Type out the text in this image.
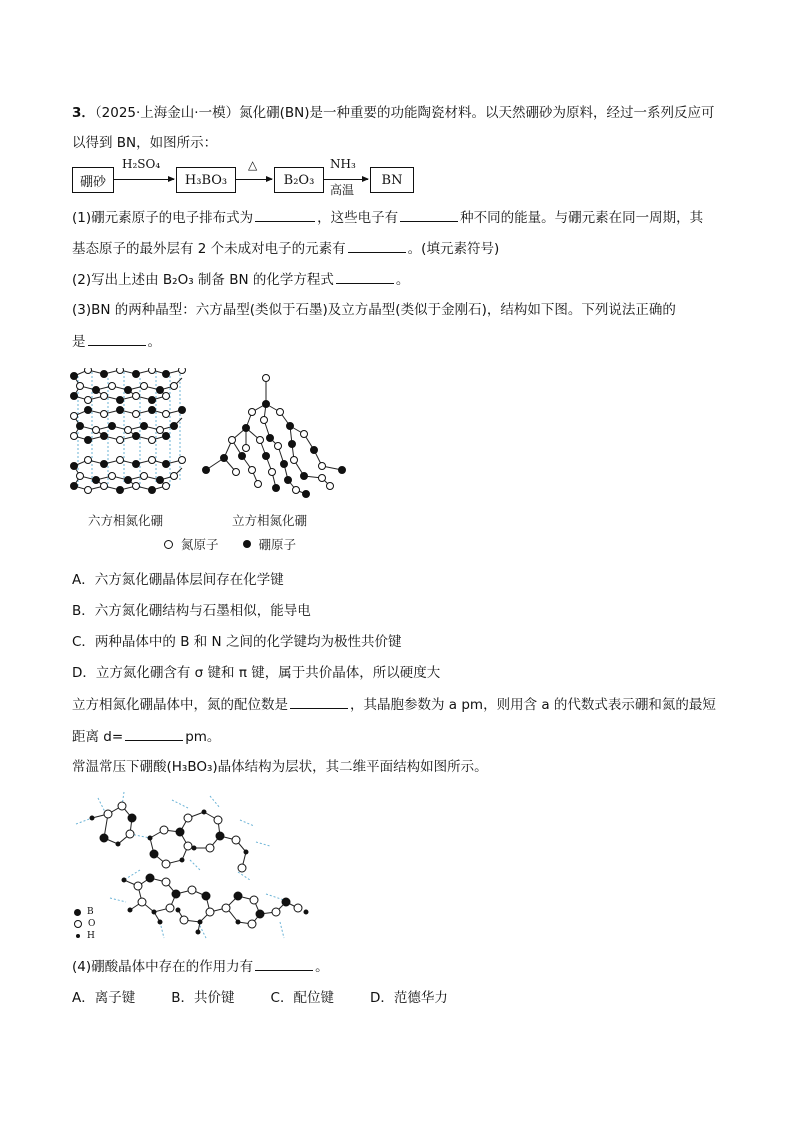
3．（2025·上海金山·一模）氮化硼(BN)是一种重要的功能陶瓷材料。以天然硼砂为原料，经过一系列反应可
以得到 BN，如图所示：
硼砂
H₂SO₄
H₃BO₃
△
B₂O₃
NH₃
高温
BN
(1)硼元素原子的电子排布式为	，这些电子有	种不同的能量。与硼元素在同一周期，其
基态原子的最外层有 2 个未成对电子的元素有	。(填元素符号)
(2)写出上述由 B₂O₃ 制备 BN 的化学方程式	。
(3)BN 的两种晶型：六方晶型(类似于石墨)及立方晶型(类似于金刚石)，结构如下图。下列说法正确的
是	。
六方相氮化硼	立方相氮化硼
氮原子	硼原子
A．六方氮化硼晶体层间存在化学键
B．六方氮化硼结构与石墨相似，能导电
C．两种晶体中的 B 和 N 之间的化学键均为极性共价键
D．立方氮化硼含有 σ 键和 π 键，属于共价晶体，所以硬度大
立方相氮化硼晶体中，氮的配位数是	，其晶胞参数为 a pm，则用含 a 的代数式表示硼和氮的最短
距离 d=	pm。
常温常压下硼酸(H₃BO₃)晶体结构为层状，其二维平面结构如图所示。
B
O
H
(4)硼酸晶体中存在的作用力有	。
A．离子键	B．共价键	C．配位键	D．范德华力
